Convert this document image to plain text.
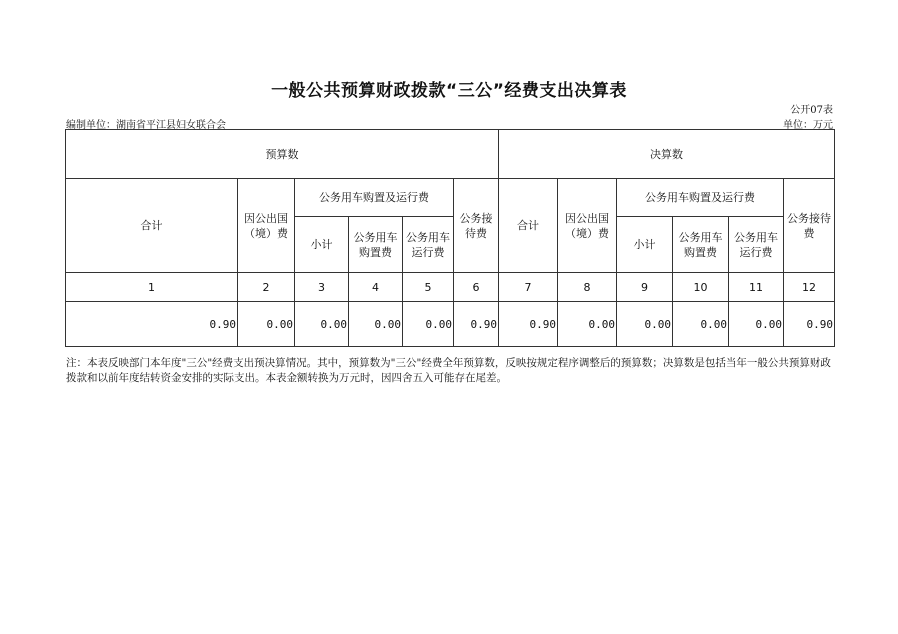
一般公共预算财政拨款“三公”经费支出决算表
公开07表
编制单位：湖南省平江县妇女联合会	单位：万元
预算数						决算数					
合计	因公出国（境）费	公务用车购置及运行费			公务接待费	合计	因公出国（境）费	公务用车购置及运行费			公务接待费
		小计	公务用车购置费	公务用车运行费				小计	公务用车购置费	公务用车运行费	
1	2	3	4	5	6	7	8	9	10	11	12
0.90	0.00	0.00	0.00	0.00	0.90	0.90	0.00	0.00	0.00	0.00	0.90
注：本表反映部门本年度"三公"经费支出预决算情况。其中，预算数为"三公"经费全年预算数，反映按规定程序调整后的预算数；决算数是包括当年一般公共预算财政拨款和以前年度结转资金安排的实际支出。本表金额转换为万元时，因四舍五入可能存在尾差。
